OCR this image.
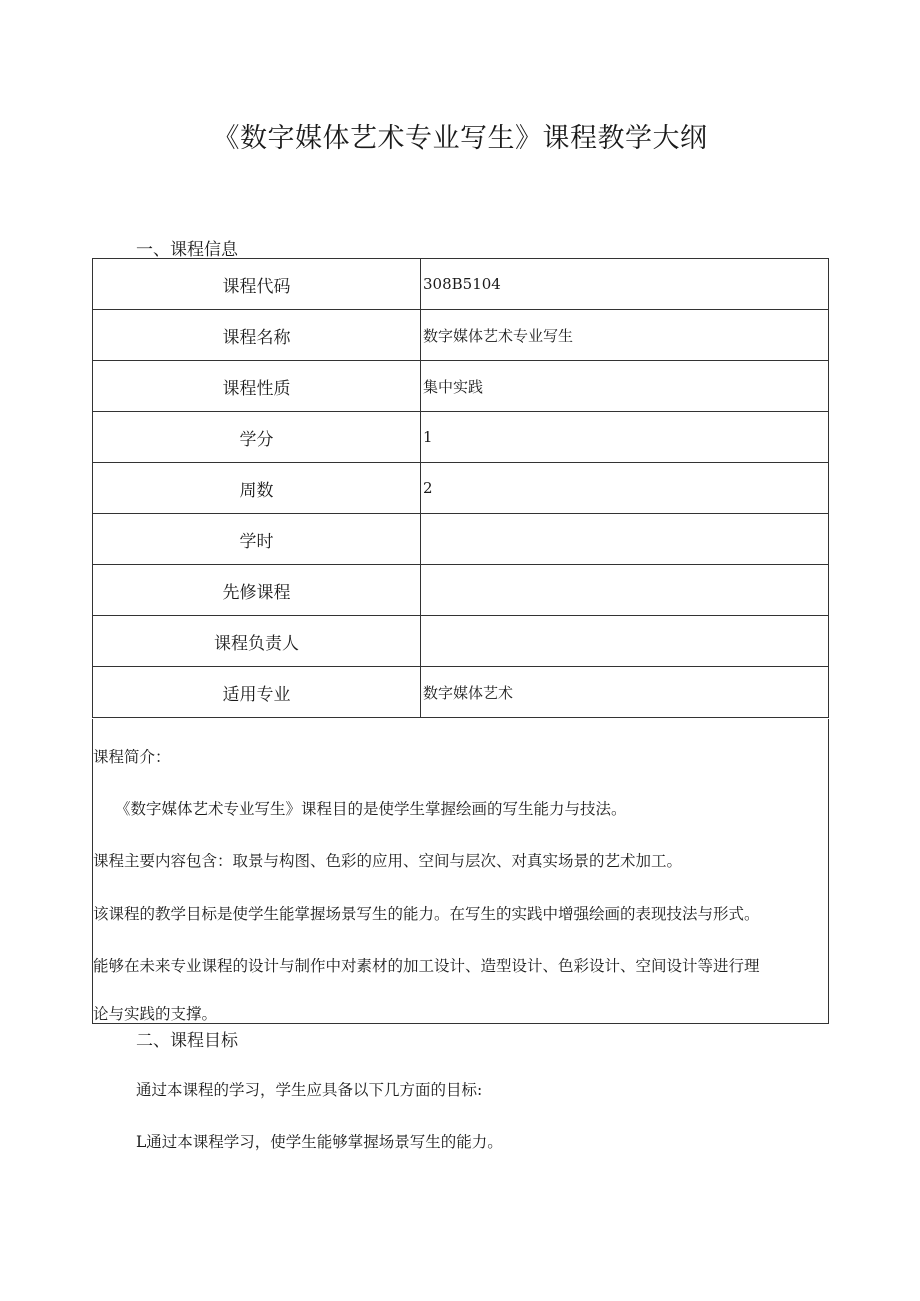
《数字媒体艺术专业写生》课程教学大纲
一、课程信息
课程代码	308B5104
课程名称	数字媒体艺术专业写生
课程性质	集中实践
学分	1
周数	2
学时	
先修课程	
课程负责人	
适用专业	数字媒体艺术

课程简介：

《数字媒体艺术专业写生》课程目的是使学生掌握绘画的写生能力与技法。

课程主要内容包含：取景与构图、色彩的应用、空间与层次、对真实场景的艺术加工。

该课程的教学目标是使学生能掌握场景写生的能力。在写生的实践中增强绘画的表现技法与形式。

能够在未来专业课程的设计与制作中对素材的加工设计、造型设计、色彩设计、空间设计等进行理

论与实践的支撑。

二、课程目标

通过本课程的学习，学生应具备以下几方面的目标:

L通过本课程学习，使学生能够掌握场景写生的能力。
